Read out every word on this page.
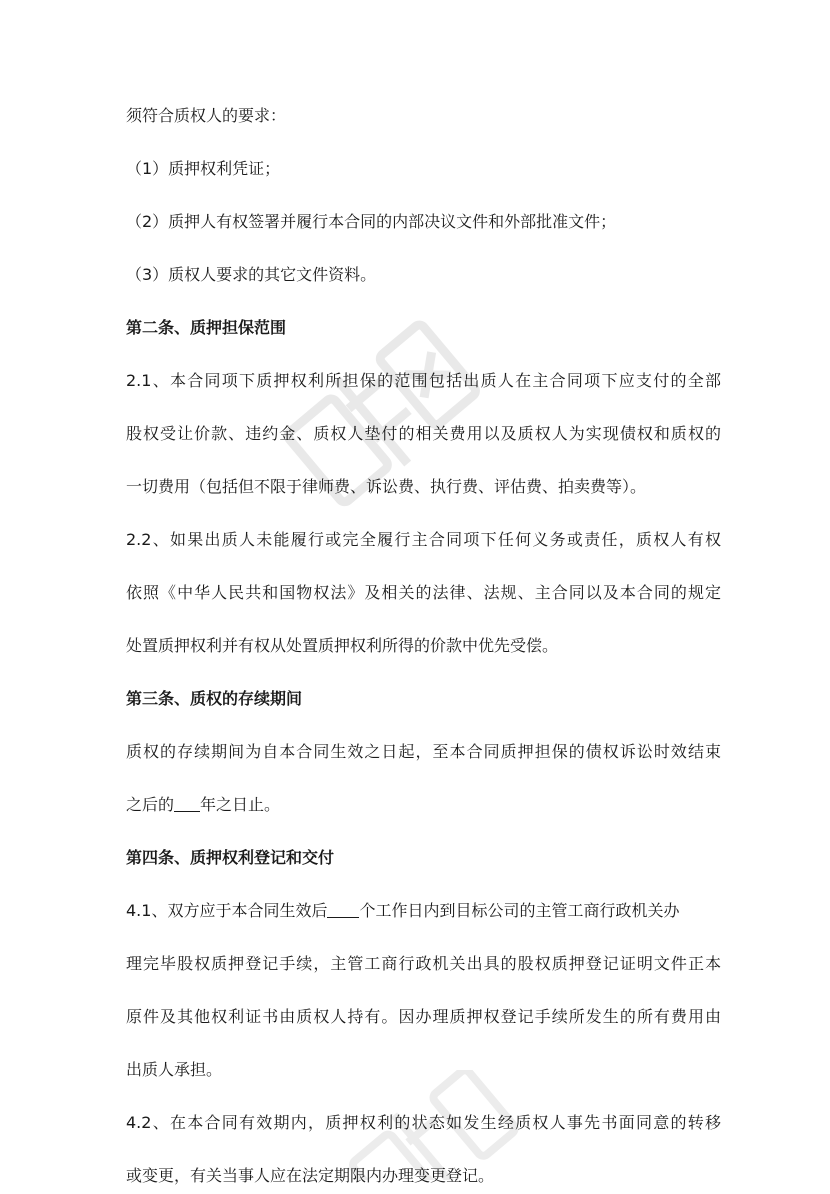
须符合质权人的要求：
（1）质押权利凭证；
（2）质押人有权签署并履行本合同的内部决议文件和外部批准文件；
（3）质权人要求的其它文件资料。
第二条、质押担保范围
2.1、本合同项下质押权利所担保的范围包括出质人在主合同项下应支付的全部
股权受让价款、违约金、质权人垫付的相关费用以及质权人为实现债权和质权的
一切费用（包括但不限于律师费、诉讼费、执行费、评估费、拍卖费等）。
2.2、如果出质人未能履行或完全履行主合同项下任何义务或责任，质权人有权
依照《中华人民共和国物权法》及相关的法律、法规、主合同以及本合同的规定
处置质押权利并有权从处置质押权利所得的价款中优先受偿。
第三条、质权的存续期间
质权的存续期间为自本合同生效之日起，至本合同质押担保的债权诉讼时效结束
之后的 年之日止。
第四条、质押权利登记和交付
4.1、双方应于本合同生效后 个工作日内到目标公司的主管工商行政机关办
理完毕股权质押登记手续，主管工商行政机关出具的股权质押登记证明文件正本
原件及其他权利证书由质权人持有。因办理质押权登记手续所发生的所有费用由
出质人承担。
4.2、在本合同有效期内，质押权利的状态如发生经质权人事先书面同意的转移
或变更，有关当事人应在法定期限内办理变更登记。
